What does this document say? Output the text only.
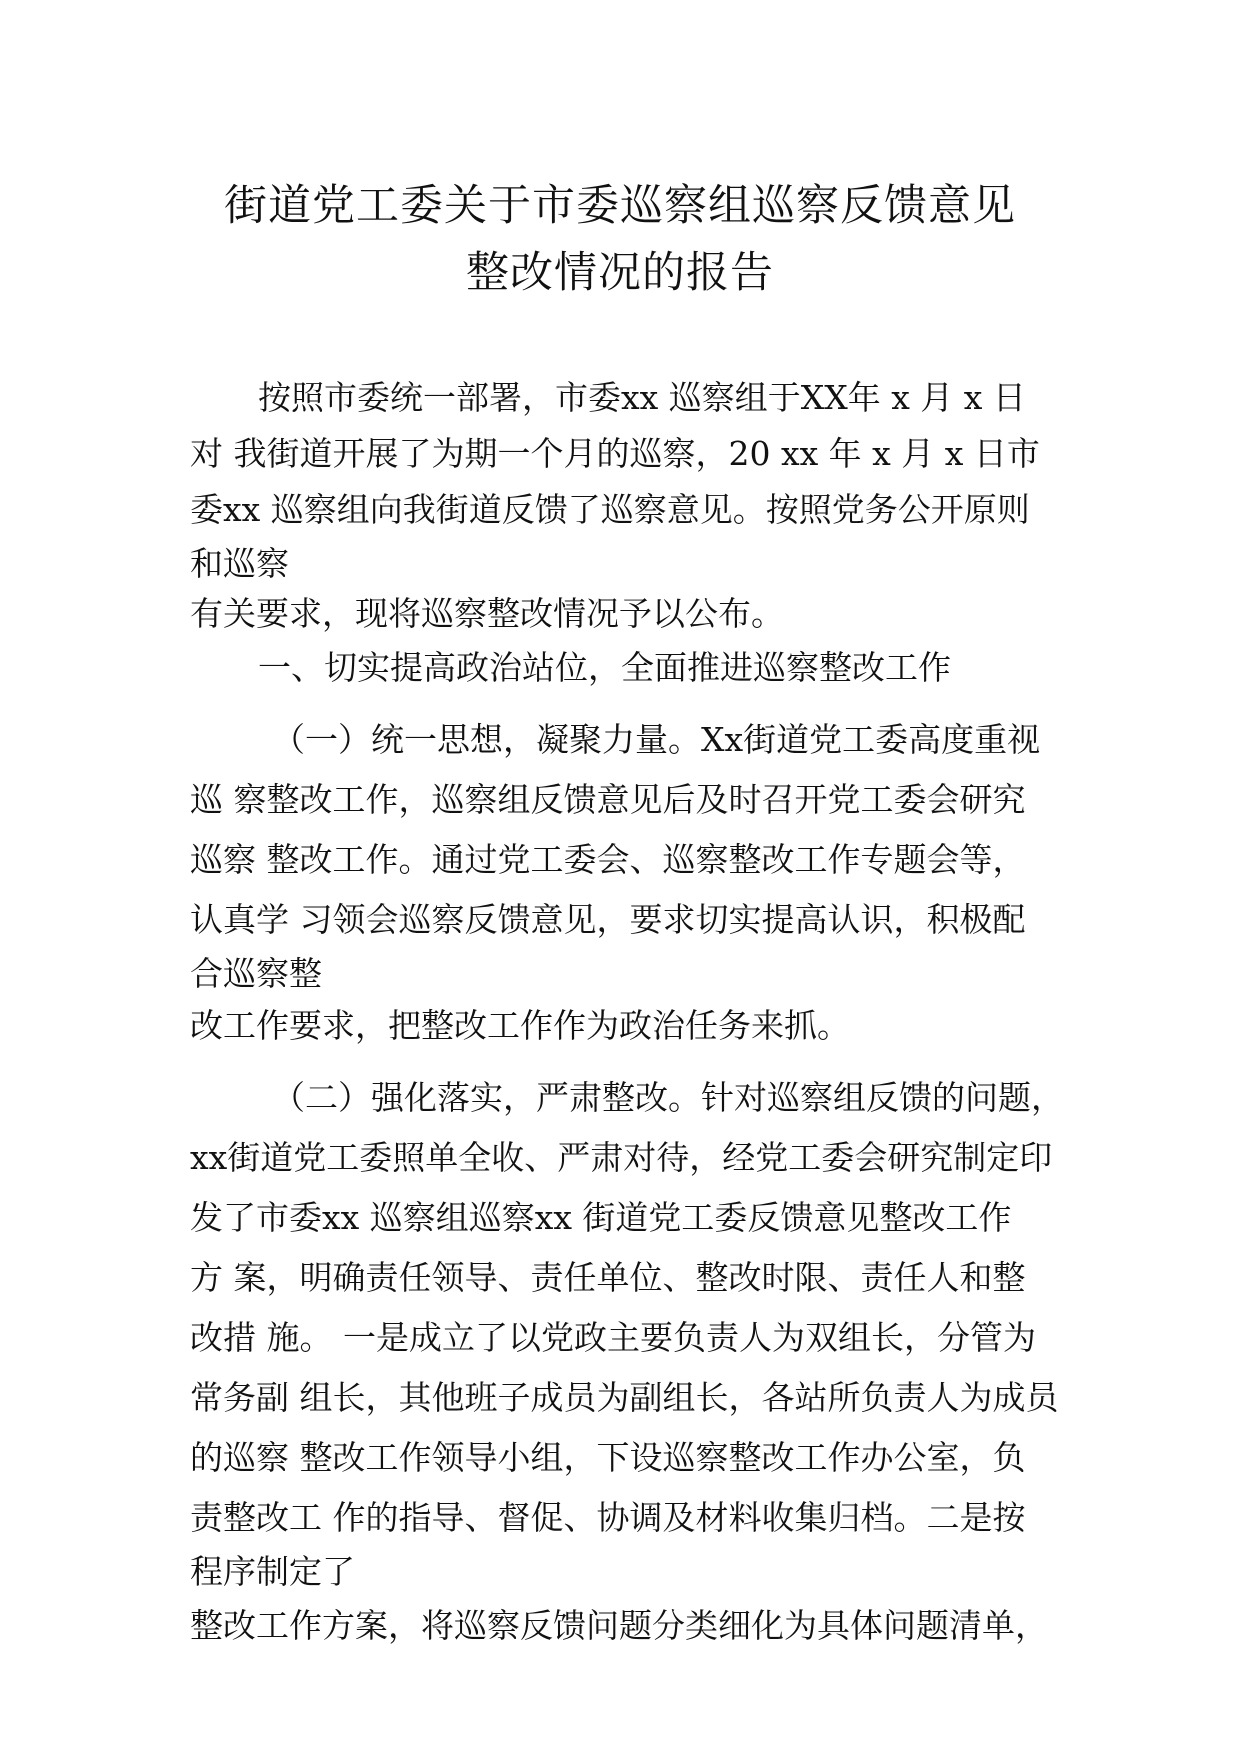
街道党工委关于市委巡察组巡察反馈意见
整改情况的报告
按照市委统一部署，市委xx 巡察组于XX年 x 月 x 日
对 我街道开展了为期一个月的巡察，20 xx 年 x 月 x 日市
委xx 巡察组向我街道反馈了巡察意见。按照党务公开原则
和巡察
有关要求，现将巡察整改情况予以公布。
一、切实提高政治站位，全面推进巡察整改工作
（一）统一思想，凝聚力量。Xx街道党工委高度重视
巡 察整改工作，巡察组反馈意见后及时召开党工委会研究
巡察 整改工作。通过党工委会、巡察整改工作专题会等，
认真学 习领会巡察反馈意见，要求切实提高认识，积极配
合巡察整
改工作要求，把整改工作作为政治任务来抓。
（二）强化落实，严肃整改。针对巡察组反馈的问题，
xx街道党工委照单全收、严肃对待，经党工委会研究制定印
发了市委xx 巡察组巡察xx 街道党工委反馈意见整改工作
方 案，明确责任领导、责任单位、整改时限、责任人和整
改措 施。 一是成立了以党政主要负责人为双组长，分管为
常务副 组长，其他班子成员为副组长，各站所负责人为成员
的巡察 整改工作领导小组，下设巡察整改工作办公室，负
责整改工 作的指导、督促、协调及材料收集归档。二是按
程序制定了
整改工作方案，将巡察反馈问题分类细化为具体问题清单，
